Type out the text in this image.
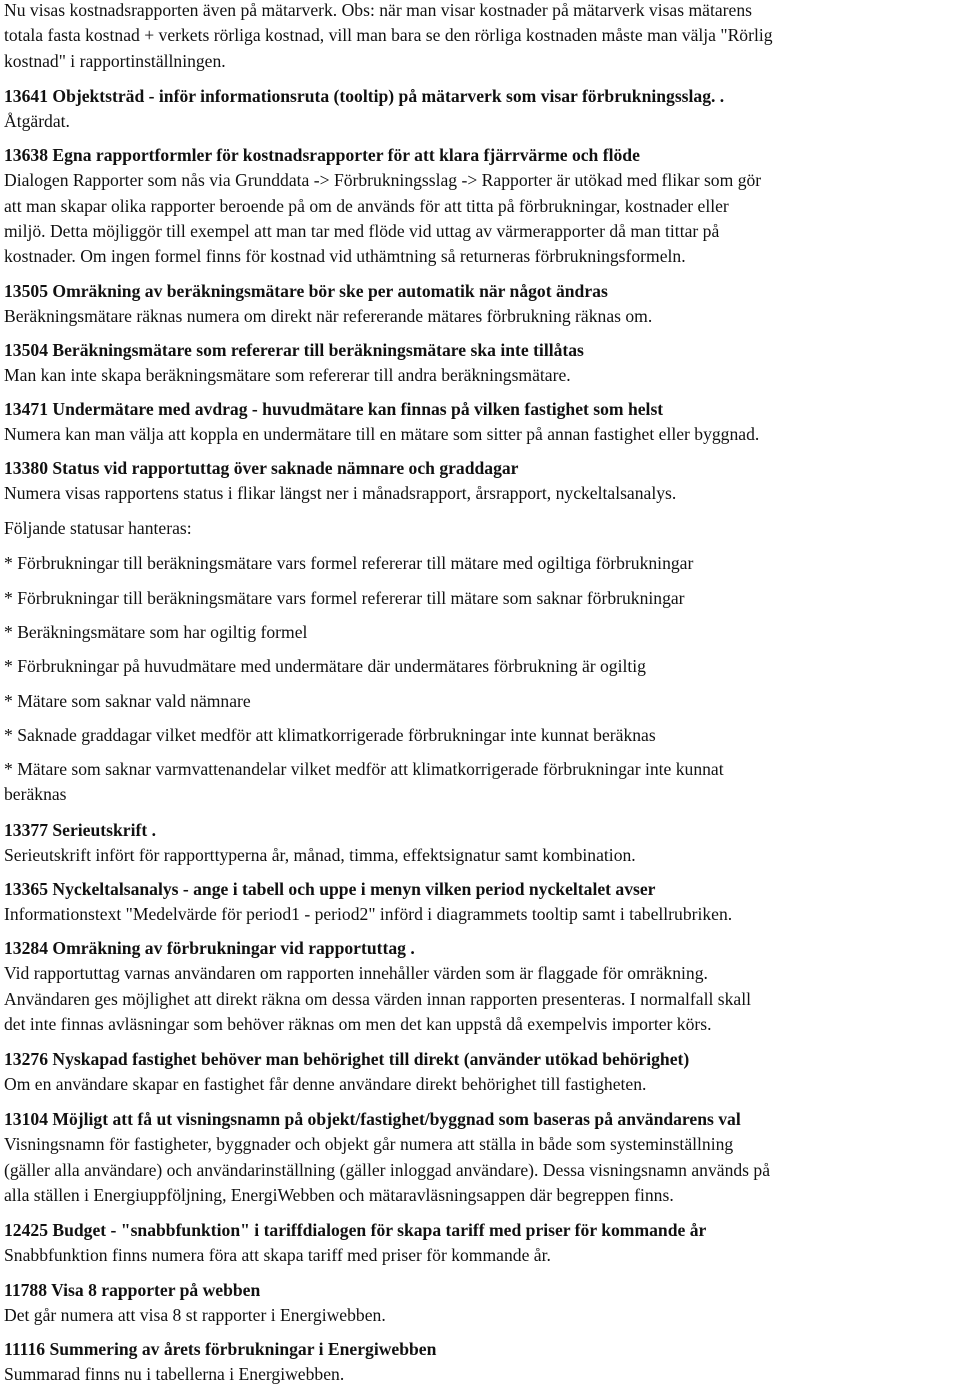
Nu visas kostnadsrapporten även på mätarverk. Obs: när man visar kostnader på mätarverk visas mätarens
totala fasta kostnad + verkets rörliga kostnad, vill man bara se den rörliga kostnaden måste man välja "Rörlig
kostnad" i rapportinställningen.
13641 Objektsträd - inför informationsruta (tooltip) på mätarverk som visar förbrukningsslag. .
Åtgärdat.
13638 Egna rapportformler för kostnadsrapporter för att klara fjärrvärme och flöde
Dialogen Rapporter som nås via Grunddata -> Förbrukningsslag -> Rapporter är utökad med flikar som gör
att man skapar olika rapporter beroende på om de används för att titta på förbrukningar, kostnader eller
miljö. Detta möjliggör till exempel att man tar med flöde vid uttag av värmerapporter då man tittar på
kostnader. Om ingen formel finns för kostnad vid uthämtning så returneras förbrukningsformeln.
13505 Omräkning av beräkningsmätare bör ske per automatik när något ändras
Beräkningsmätare räknas numera om direkt när refererande mätares förbrukning räknas om.
13504 Beräkningsmätare som refererar till beräkningsmätare ska inte tillåtas
Man kan inte skapa beräkningsmätare som refererar till andra beräkningsmätare.
13471 Undermätare med avdrag - huvudmätare kan finnas på vilken fastighet som helst
Numera kan man välja att koppla en undermätare till en mätare som sitter på annan fastighet eller byggnad.
13380 Status vid rapportuttag över saknade nämnare och graddagar
Numera visas rapportens status i flikar längst ner i månadsrapport, årsrapport, nyckeltalsanalys.
Följande statusar hanteras:
* Förbrukningar till beräkningsmätare vars formel refererar till mätare med ogiltiga förbrukningar
* Förbrukningar till beräkningsmätare vars formel refererar till mätare som saknar förbrukningar
* Beräkningsmätare som har ogiltig formel
* Förbrukningar på huvudmätare med undermätare där undermätares förbrukning är ogiltig
* Mätare som saknar vald nämnare
* Saknade graddagar vilket medför att klimatkorrigerade förbrukningar inte kunnat beräknas
* Mätare som saknar varmvattenandelar vilket medför att klimatkorrigerade förbrukningar inte kunnat
beräknas
13377 Serieutskrift .
Serieutskrift infört för rapporttyperna år, månad, timma, effektsignatur samt kombination.
13365 Nyckeltalsanalys - ange i tabell och uppe i menyn vilken period nyckeltalet avser
Informationstext "Medelvärde för period1 - period2" införd i diagrammets tooltip samt i tabellrubriken.
13284 Omräkning av förbrukningar vid rapportuttag .
Vid rapportuttag varnas användaren om rapporten innehåller värden som är flaggade för omräkning.
Användaren ges möjlighet att direkt räkna om dessa värden innan rapporten presenteras. I normalfall skall
det inte finnas avläsningar som behöver räknas om men det kan uppstå då exempelvis importer körs.
13276 Nyskapad fastighet behöver man behörighet till direkt (använder utökad behörighet)
Om en användare skapar en fastighet får denne användare direkt behörighet till fastigheten.
13104 Möjligt att få ut visningsnamn på objekt/fastighet/byggnad som baseras på användarens val
Visningsnamn för fastigheter, byggnader och objekt går numera att ställa in både som systeminställning
(gäller alla användare) och användarinställning (gäller inloggad användare). Dessa visningsnamn används på
alla ställen i Energiuppföljning, EnergiWebben och mätaravläsningsappen där begreppen finns.
12425 Budget - "snabbfunktion" i tariffdialogen för skapa tariff med priser för kommande år
Snabbfunktion finns numera föra att skapa tariff med priser för kommande år.
11788 Visa 8 rapporter på webben
Det går numera att visa 8 st rapporter i Energiwebben.
11116 Summering av årets förbrukningar i Energiwebben
Summarad finns nu i tabellerna i Energiwebben.
